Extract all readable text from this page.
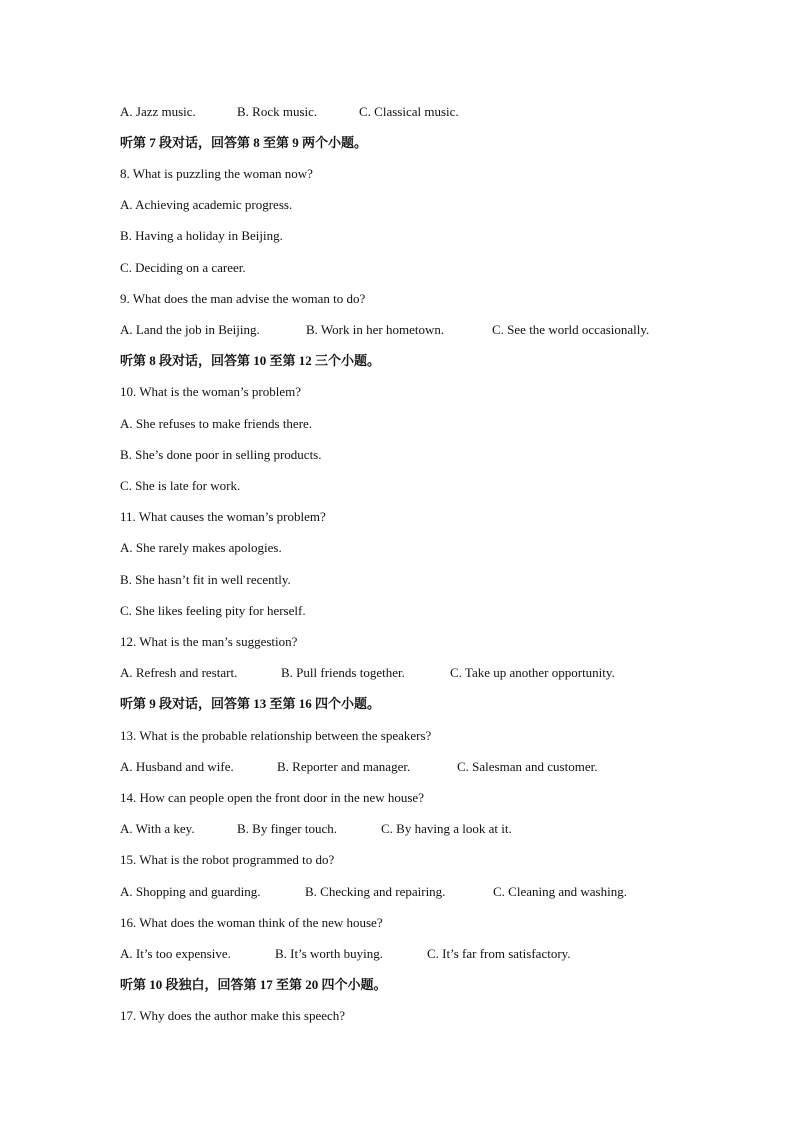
A. Jazz music.	B. Rock music.	C. Classical music.
听第 7 段对话，回答第 8 至第 9 两个小题。
8. What is puzzling the woman now?
A. Achieving academic progress.
B. Having a holiday in Beijing.
C. Deciding on a career.
9. What does the man advise the woman to do?
A. Land the job in Beijing.	B. Work in her hometown.	C. See the world occasionally.
听第 8 段对话，回答第 10 至第 12 三个小题。
10. What is the woman’s problem?
A. She refuses to make friends there.
B. She’s done poor in selling products.
C. She is late for work.
11. What causes the woman’s problem?
A. She rarely makes apologies.
B. She hasn’t fit in well recently.
C. She likes feeling pity for herself.
12. What is the man’s suggestion?
A. Refresh and restart.	B. Pull friends together.	C. Take up another opportunity.
听第 9 段对话，回答第 13 至第 16 四个小题。
13. What is the probable relationship between the speakers?
A. Husband and wife.	B. Reporter and manager.	C. Salesman and customer.
14. How can people open the front door in the new house?
A. With a key.	B. By finger touch.	C. By having a look at it.
15. What is the robot programmed to do?
A. Shopping and guarding.	B. Checking and repairing.	C. Cleaning and washing.
16. What does the woman think of the new house?
A. It’s too expensive.	B. It’s worth buying.	C. It’s far from satisfactory.
听第 10 段独白，回答第 17 至第 20 四个小题。
17. Why does the author make this speech?
